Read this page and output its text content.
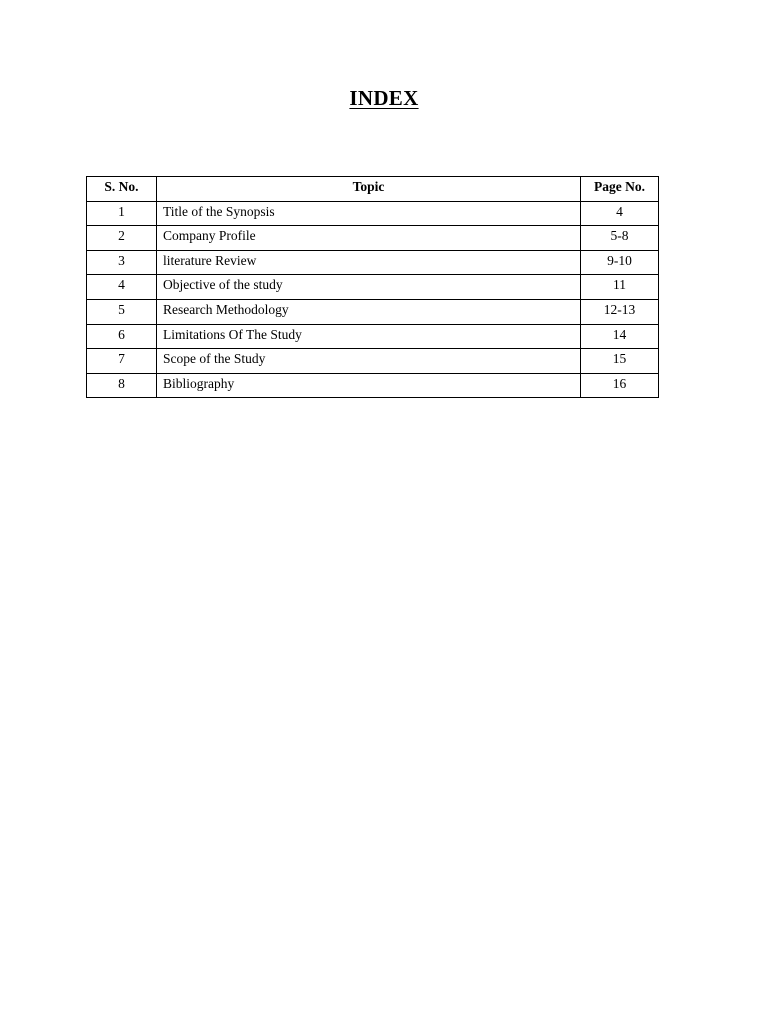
INDEX
S. No.	Topic	Page No.
1	Title of the Synopsis	4
2	Company Profile	5-8
3	literature Review	9-10
4	Objective of the study	11
5	Research Methodology	12-13
6	Limitations Of The Study	14
7	Scope of the Study	15
8	Bibliography	16
